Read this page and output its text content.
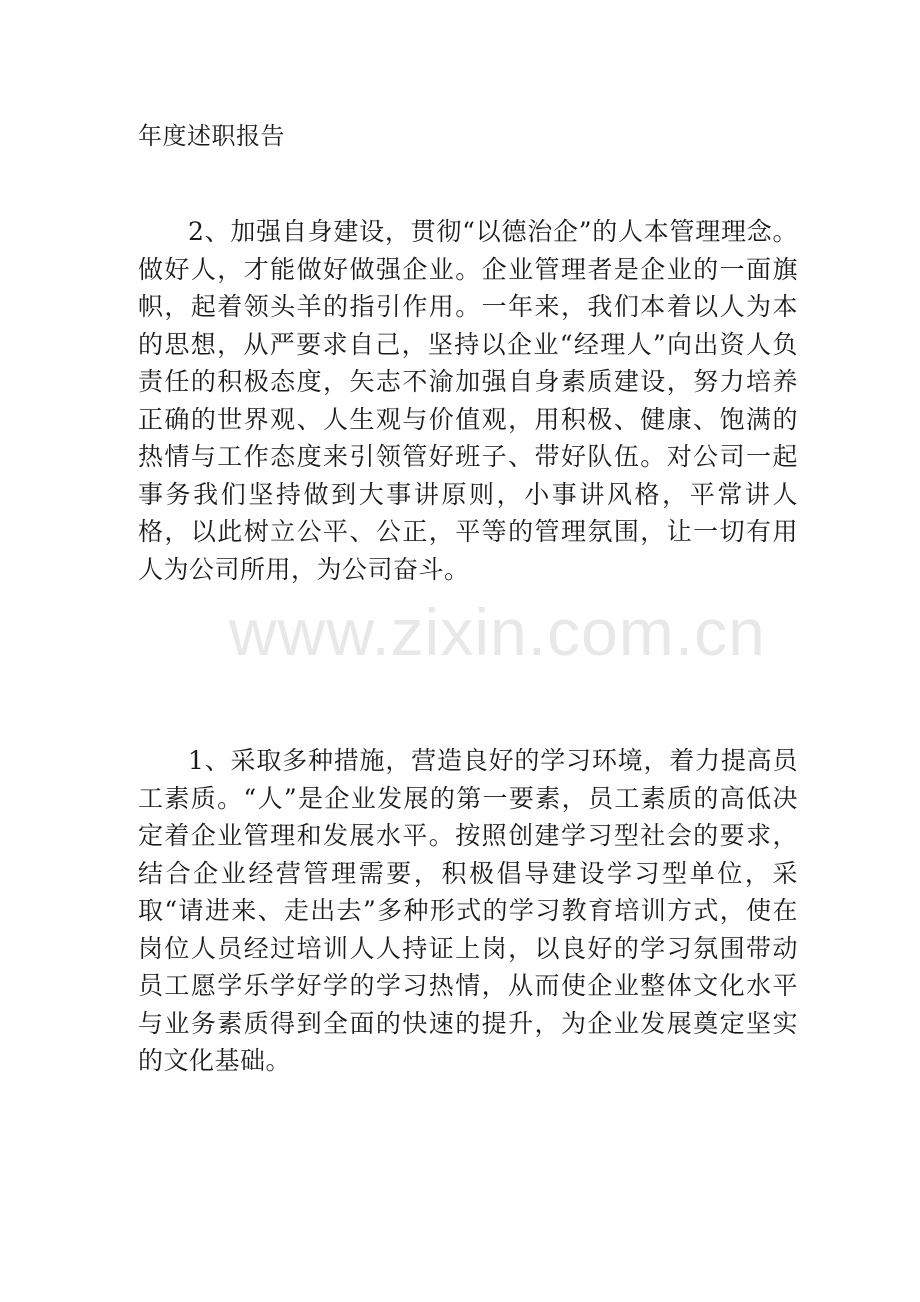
年度述职报告

2、加强自身建设，贯彻“以德治企”的人本管理理念。做好人，才能做好做强企业。企业管理者是企业的一面旗帜，起着领头羊的指引作用。一年来，我们本着以人为本的思想，从严要求自己，坚持以企业“经理人”向出资人负责任的积极态度，矢志不渝加强自身素质建设，努力培养正确的世界观、人生观与价值观，用积极、健康、饱满的热情与工作态度来引领管好班子、带好队伍。对公司一起事务我们坚持做到大事讲原则，小事讲风格，平常讲人格，以此树立公平、公正，平等的管理氛围，让一切有用人为公司所用，为公司奋斗。

1、采取多种措施，营造良好的学习环境，着力提高员工素质。“人”是企业发展的第一要素，员工素质的高低决定着企业管理和发展水平。按照创建学习型社会的要求，结合企业经营管理需要，积极倡导建设学习型单位，采取“请进来、走出去”多种形式的学习教育培训方式，使在岗位人员经过培训人人持证上岗，以良好的学习氛围带动员工愿学乐学好学的学习热情，从而使企业整体文化水平与业务素质得到全面的快速的提升，为企业发展奠定坚实的文化基础。

www.zixin.com.cn
